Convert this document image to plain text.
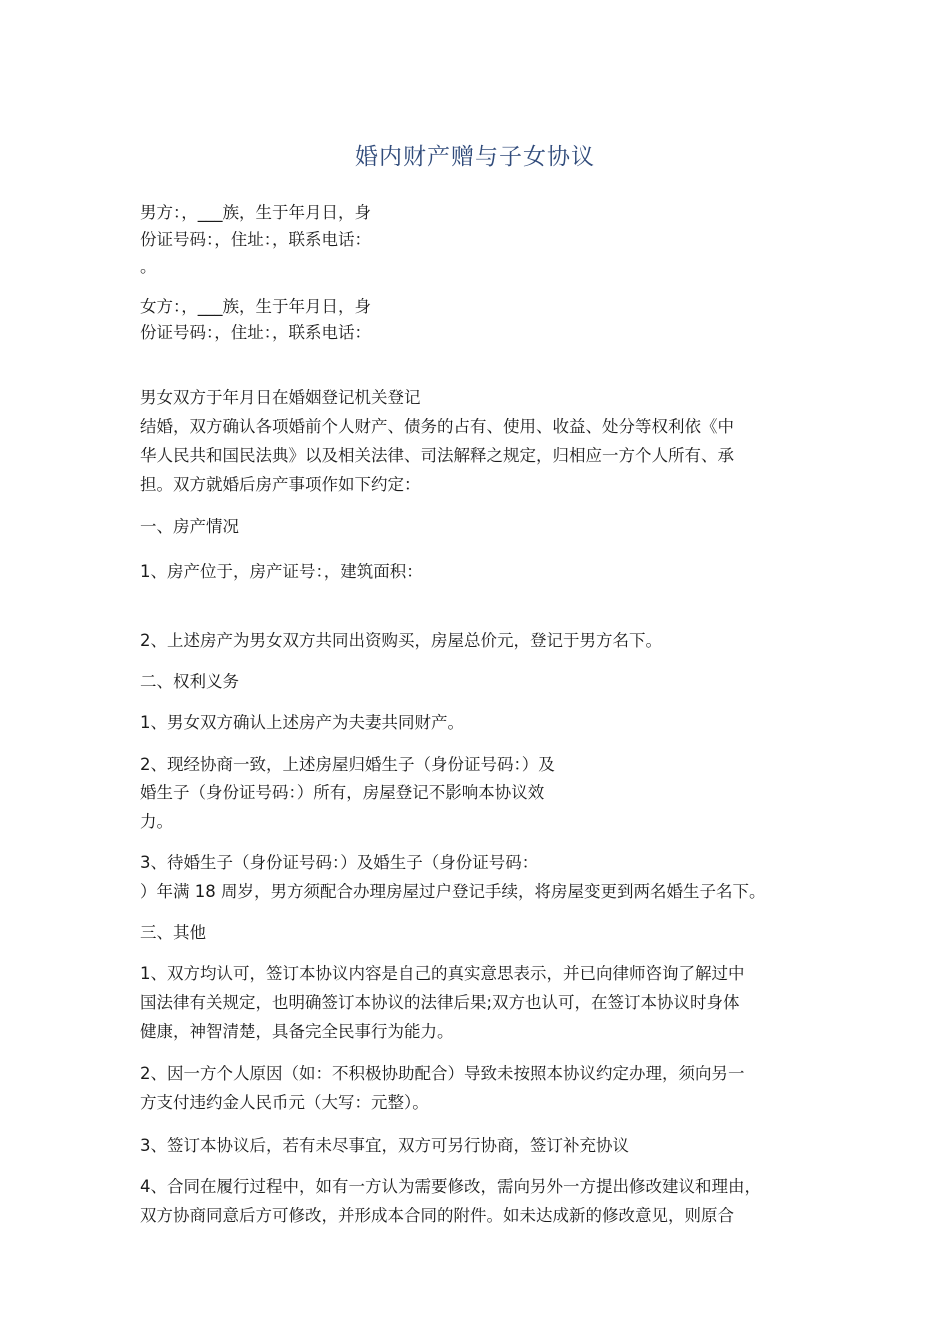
婚内财产赠与子女协议
男方：，___族，生于年月日，身
份证号码：，住址：，联系电话：
。
女方：，___族，生于年月日，身
份证号码：，住址：，联系电话：
男女双方于年月日在婚姻登记机关登记
结婚，双方确认各项婚前个人财产、债务的占有、使用、收益、处分等权利依《中
华人民共和国民法典》以及相关法律、司法解释之规定，归相应一方个人所有、承
担。双方就婚后房产事项作如下约定：
一、房产情况
1、房产位于，房产证号：，建筑面积：
2、上述房产为男女双方共同出资购买，房屋总价元，登记于男方名下。
二、权利义务
1、男女双方确认上述房产为夫妻共同财产。
2、现经协商一致，上述房屋归婚生子（身份证号码：）及
婚生子（身份证号码：）所有，房屋登记不影响本协议效
力。
3、待婚生子（身份证号码：）及婚生子（身份证号码：
）年满 18 周岁，男方须配合办理房屋过户登记手续，将房屋变更到两名婚生子名下。
三、其他
1、双方均认可，签订本协议内容是自己的真实意思表示，并已向律师咨询了解过中
国法律有关规定，也明确签订本协议的法律后果;双方也认可，在签订本协议时身体
健康，神智清楚，具备完全民事行为能力。
2、因一方个人原因（如：不积极协助配合）导致未按照本协议约定办理，须向另一
方支付违约金人民币元（大写：元整）。
3、签订本协议后，若有未尽事宜，双方可另行协商，签订补充协议
4、合同在履行过程中，如有一方认为需要修改，需向另外一方提出修改建议和理由，
双方协商同意后方可修改，并形成本合同的附件。如未达成新的修改意见，则原合
